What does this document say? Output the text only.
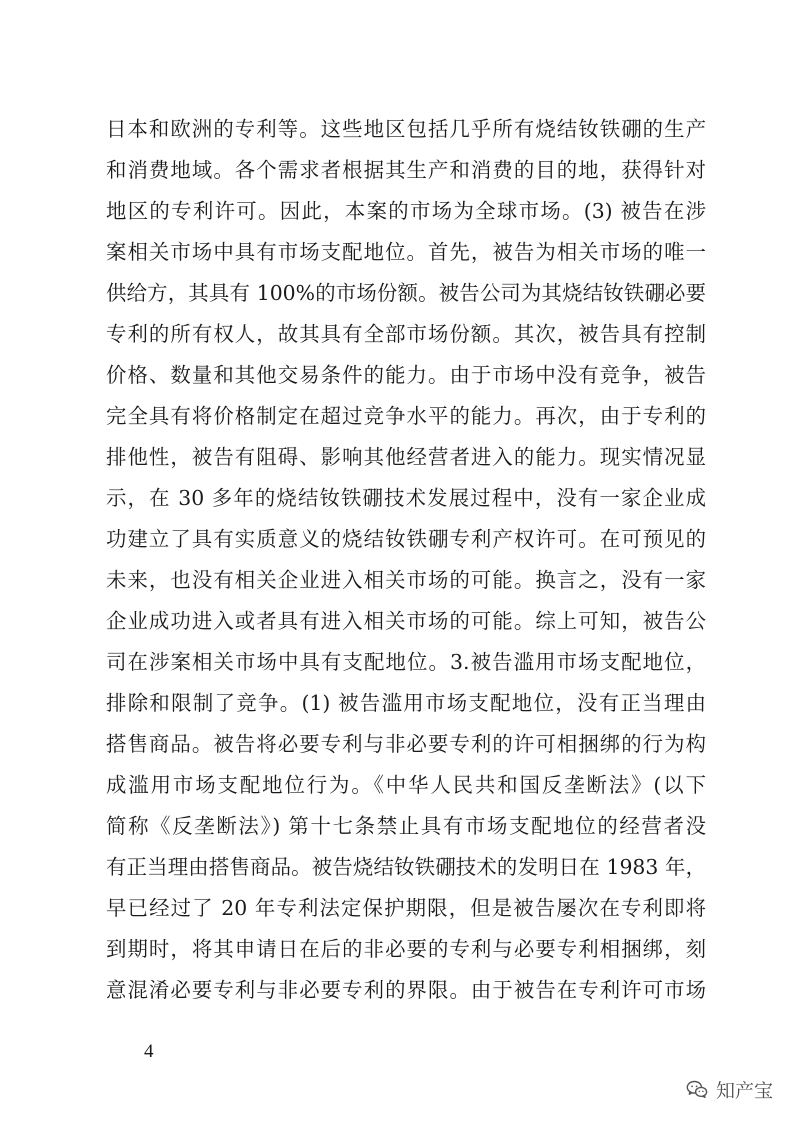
日本和欧洲的专利等。这些地区包括几乎所有烧结钕铁硼的生产
和消费地域。各个需求者根据其生产和消费的目的地，获得针对
地区的专利许可。因此，本案的市场为全球市场。(3) 被告在涉
案相关市场中具有市场支配地位。首先，被告为相关市场的唯一
供给方，其具有 100%的市场份额。被告公司为其烧结钕铁硼必要
专利的所有权人，故其具有全部市场份额。其次，被告具有控制
价格、数量和其他交易条件的能力。由于市场中没有竞争，被告
完全具有将价格制定在超过竞争水平的能力。再次，由于专利的
排他性，被告有阻碍、影响其他经营者进入的能力。现实情况显
示，在 30 多年的烧结钕铁硼技术发展过程中，没有一家企业成
功建立了具有实质意义的烧结钕铁硼专利产权许可。在可预见的
未来，也没有相关企业进入相关市场的可能。换言之，没有一家
企业成功进入或者具有进入相关市场的可能。综上可知，被告公
司在涉案相关市场中具有支配地位。3.被告滥用市场支配地位，
排除和限制了竞争。(1) 被告滥用市场支配地位，没有正当理由
搭售商品。被告将必要专利与非必要专利的许可相捆绑的行为构
成滥用市场支配地位行为。《中华人民共和国反垄断法》(以下
简称《反垄断法》) 第十七条禁止具有市场支配地位的经营者没
有正当理由搭售商品。被告烧结钕铁硼技术的发明日在 1983 年，
早已经过了 20 年专利法定保护期限，但是被告屡次在专利即将
到期时，将其申请日在后的非必要的专利与必要专利相捆绑，刻
意混淆必要专利与非必要专利的界限。由于被告在专利许可市场
4
知产宝
